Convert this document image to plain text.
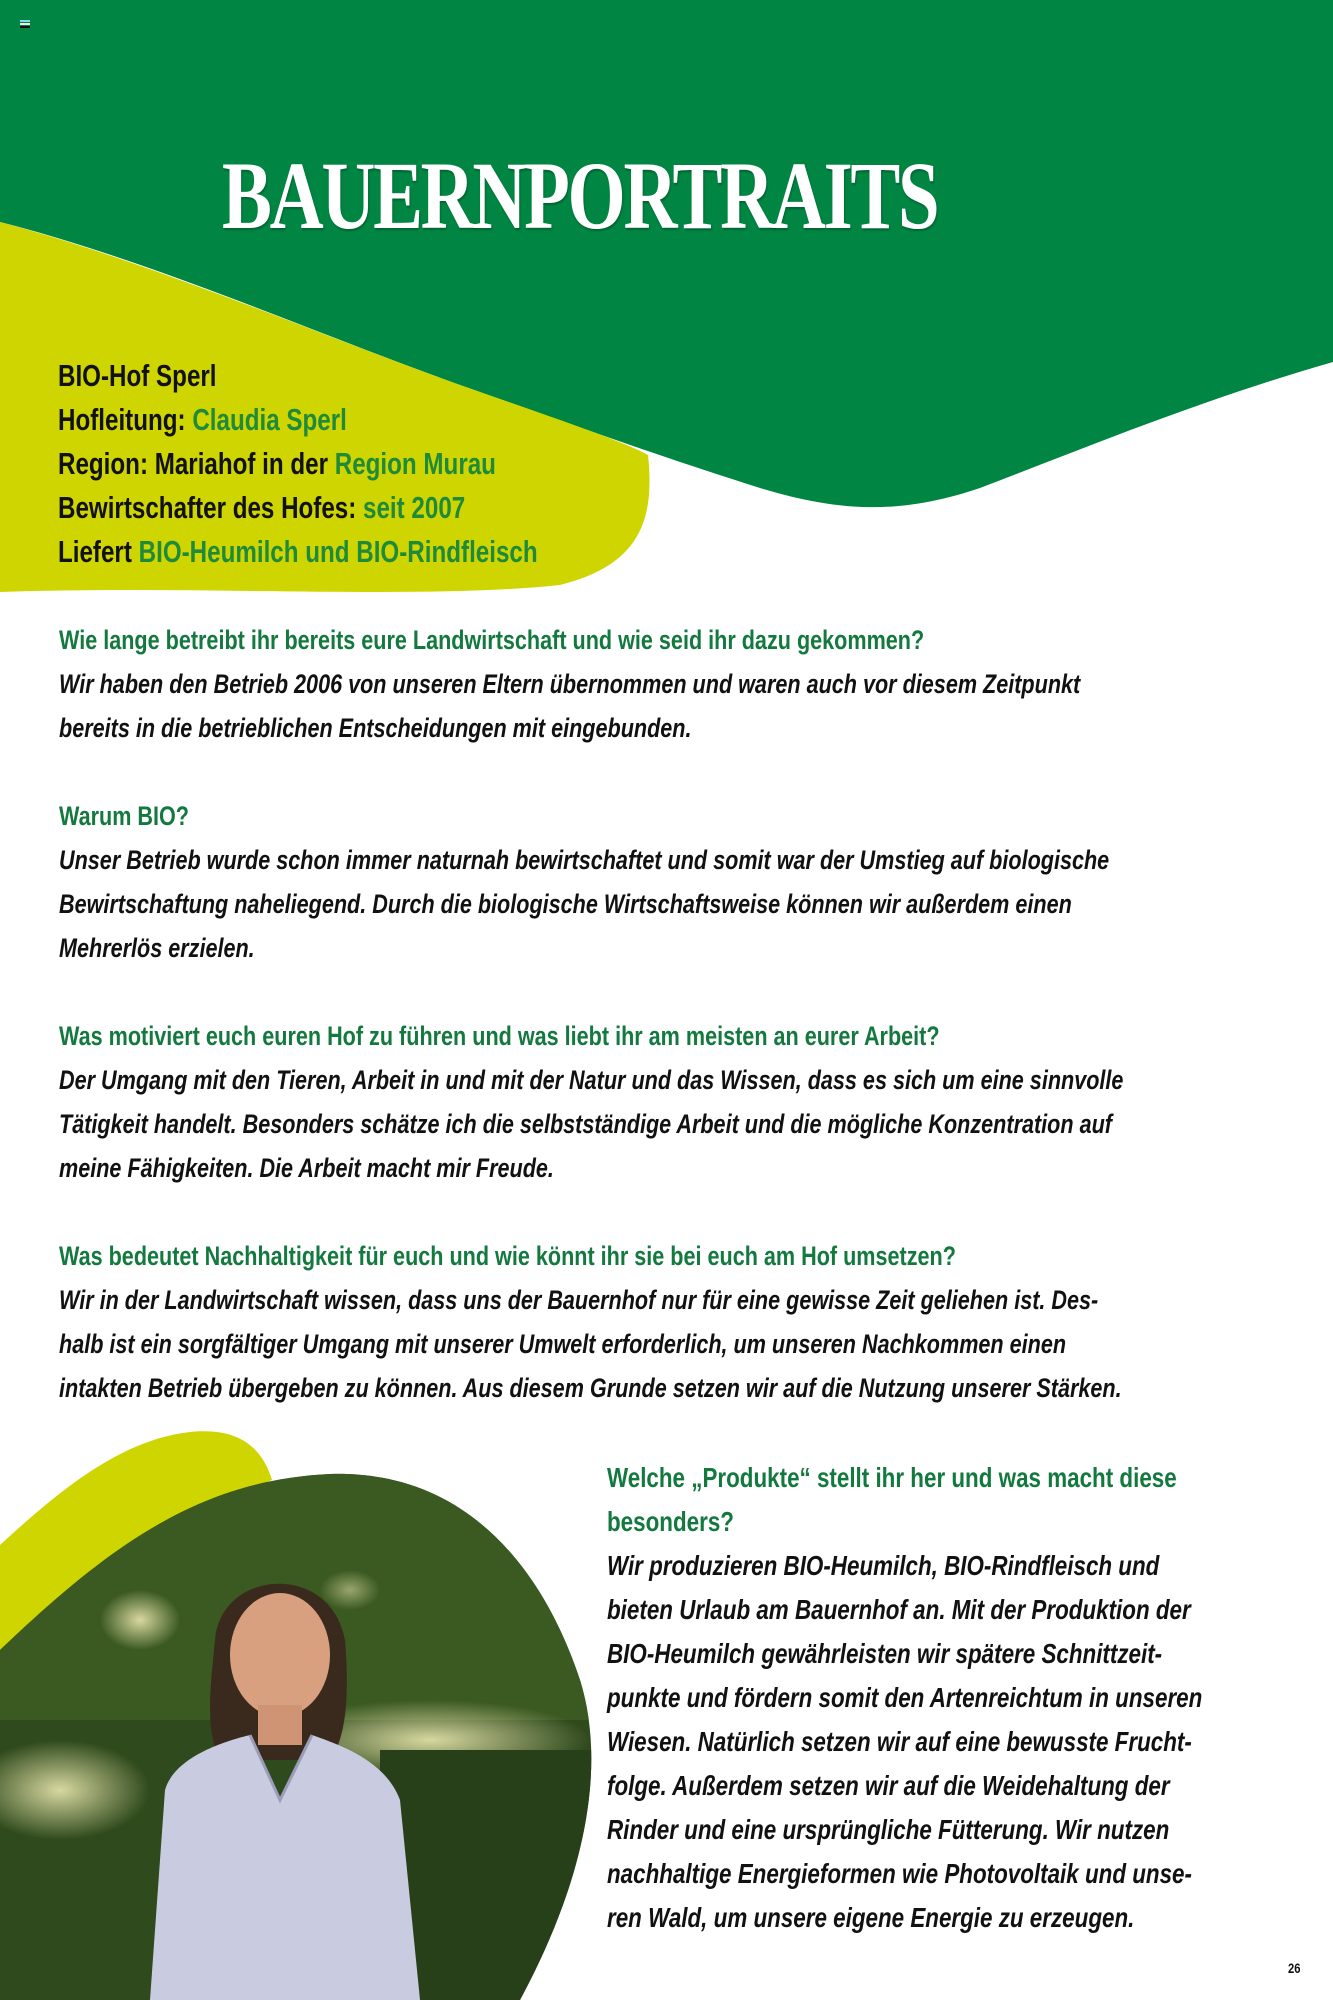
BAUERNPORTRAITS
BIO-Hof Sperl
Hofleitung: Claudia Sperl
Region: Mariahof in der Region Murau
Bewirtschafter des Hofes: seit 2007
Liefert BIO-Heumilch und BIO-Rindfleisch
Wie lange betreibt ihr bereits eure Landwirtschaft und wie seid ihr dazu gekommen?
Wir haben den Betrieb 2006 von unseren Eltern übernommen und waren auch vor diesem Zeitpunkt
bereits in die betrieblichen Entscheidungen mit eingebunden.
Warum BIO?
Unser Betrieb wurde schon immer naturnah bewirtschaftet und somit war der Umstieg auf biologische
Bewirtschaftung naheliegend. Durch die biologische Wirtschaftsweise können wir außerdem einen
Mehrerlös erzielen.
Was motiviert euch euren Hof zu führen und was liebt ihr am meisten an eurer Arbeit?
Der Umgang mit den Tieren, Arbeit in und mit der Natur und das Wissen, dass es sich um eine sinnvolle
Tätigkeit handelt. Besonders schätze ich die selbstständige Arbeit und die mögliche Konzentration auf
meine Fähigkeiten. Die Arbeit macht mir Freude.
Was bedeutet Nachhaltigkeit für euch und wie könnt ihr sie bei euch am Hof umsetzen?
Wir in der Landwirtschaft wissen, dass uns der Bauernhof nur für eine gewisse Zeit geliehen ist. Des-
halb ist ein sorgfältiger Umgang mit unserer Umwelt erforderlich, um unseren Nachkommen einen
intakten Betrieb übergeben zu können. Aus diesem Grunde setzen wir auf die Nutzung unserer Stärken.
Welche „Produkte“ stellt ihr her und was macht diese
besonders?
Wir produzieren BIO-Heumilch, BIO-Rindfleisch und
bieten Urlaub am Bauernhof an. Mit der Produktion der
BIO-Heumilch gewährleisten wir spätere Schnittzeit-
punkte und fördern somit den Artenreichtum in unseren
Wiesen. Natürlich setzen wir auf eine bewusste Frucht-
folge. Außerdem setzen wir auf die Weidehaltung der
Rinder und eine ursprüngliche Fütterung. Wir nutzen
nachhaltige Energieformen wie Photovoltaik und unse-
ren Wald, um unsere eigene Energie zu erzeugen.
26
